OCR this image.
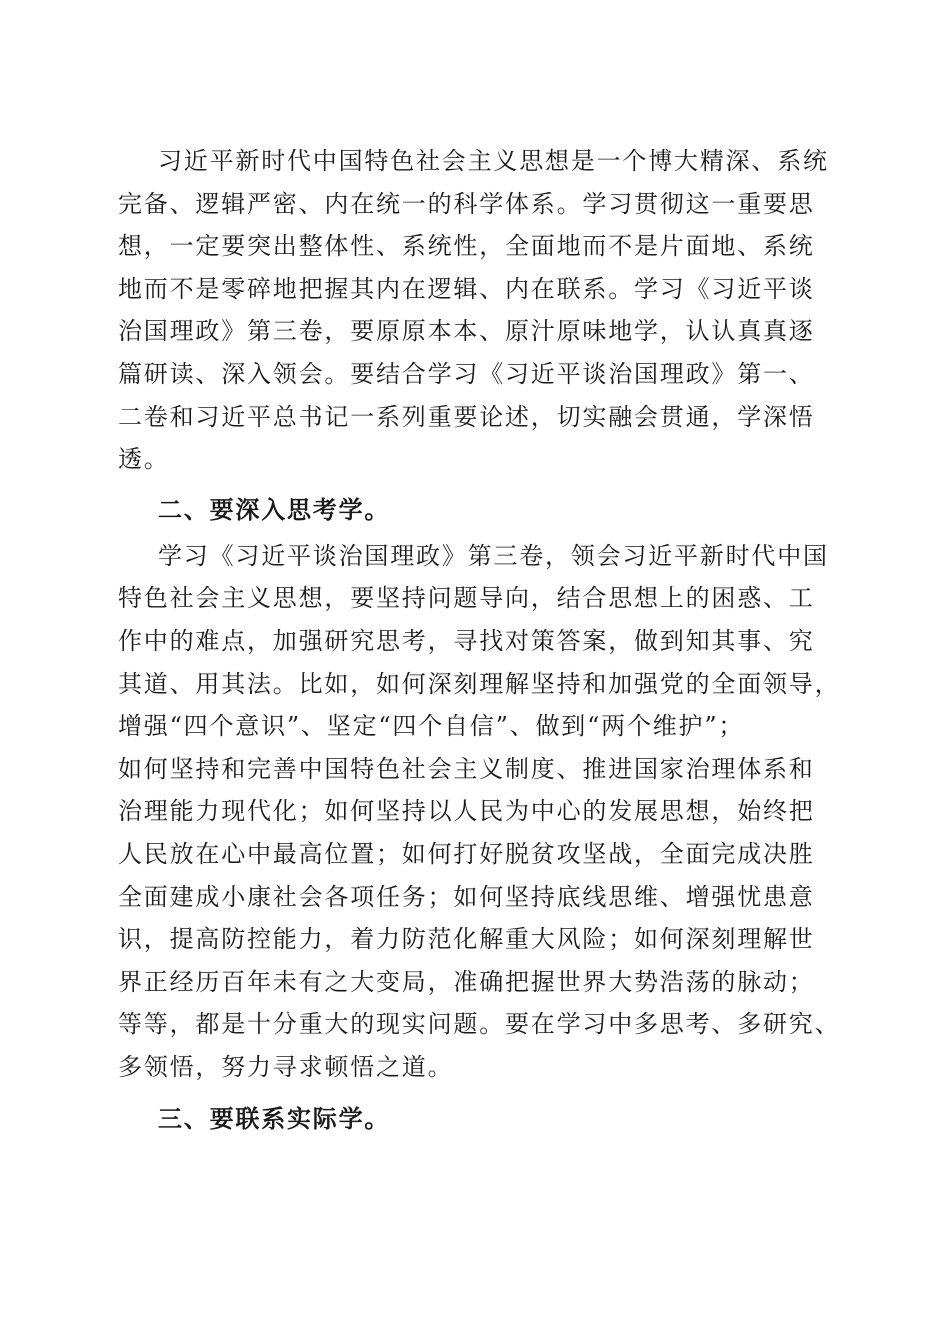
习近平新时代中国特色社会主义思想是一个博大精深、系统
完备、逻辑严密、内在统一的科学体系。学习贯彻这一重要思
想，一定要突出整体性、系统性，全面地而不是片面地、系统
地而不是零碎地把握其内在逻辑、内在联系。学习《习近平谈
治国理政》第三卷，要原原本本、原汁原味地学，认认真真逐
篇研读、深入领会。要结合学习《习近平谈治国理政》第一、
二卷和习近平总书记一系列重要论述，切实融会贯通，学深悟
透。
二、要深入思考学。
学习《习近平谈治国理政》第三卷，领会习近平新时代中国
特色社会主义思想，要坚持问题导向，结合思想上的困惑、工
作中的难点，加强研究思考，寻找对策答案，做到知其事、究
其道、用其法。比如，如何深刻理解坚持和加强党的全面领导，
增强“四个意识”、坚定“四个自信”、做到“两个维护”；
如何坚持和完善中国特色社会主义制度、推进国家治理体系和
治理能力现代化；如何坚持以人民为中心的发展思想，始终把
人民放在心中最高位置；如何打好脱贫攻坚战，全面完成决胜
全面建成小康社会各项任务；如何坚持底线思维、增强忧患意
识，提高防控能力，着力防范化解重大风险；如何深刻理解世
界正经历百年未有之大变局，准确把握世界大势浩荡的脉动；
等等，都是十分重大的现实问题。要在学习中多思考、多研究、
多领悟，努力寻求顿悟之道。
三、要联系实际学。
